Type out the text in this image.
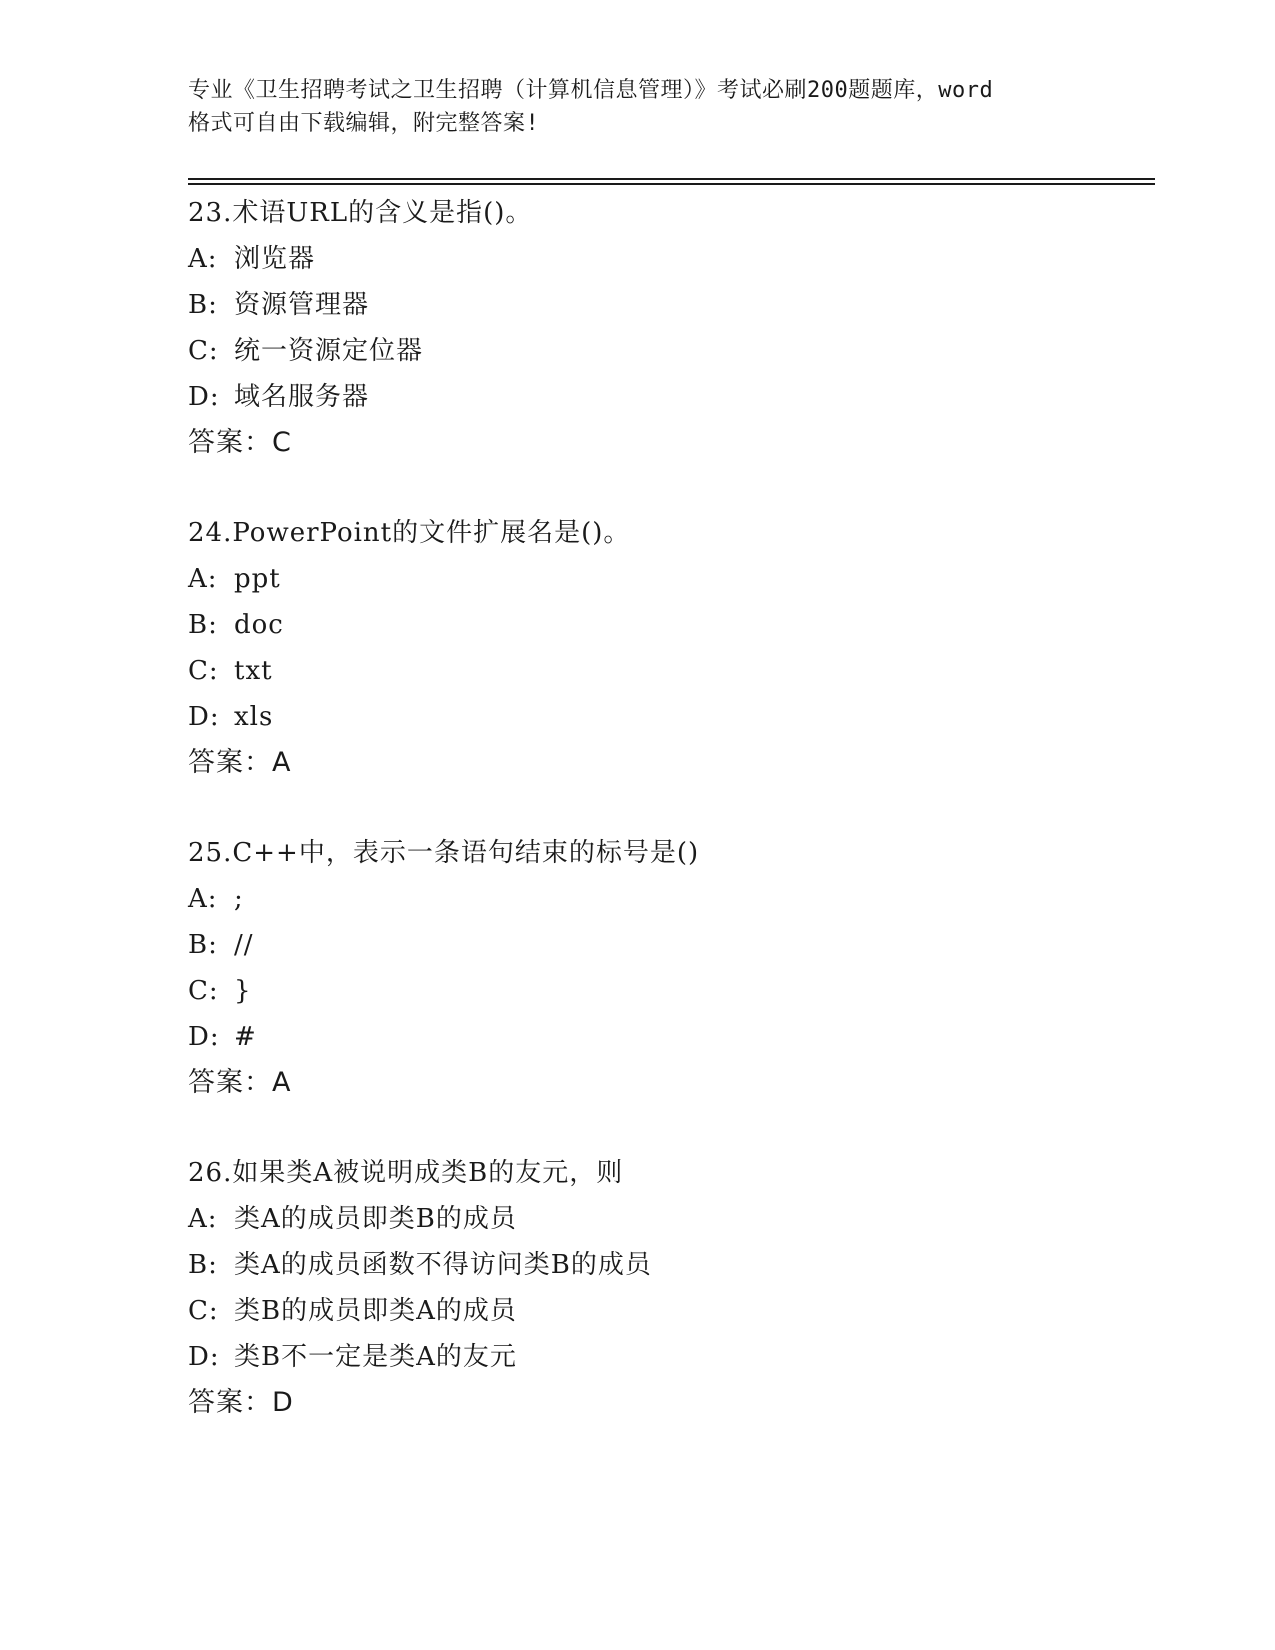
专业《卫生招聘考试之卫生招聘（计算机信息管理）》考试必刷200题题库，word
格式可自由下载编辑，附完整答案!
23.术语URL的含义是指()。
A: 浏览器
B: 资源管理器
C: 统一资源定位器
D: 域名服务器
答案：C
24.PowerPoint的文件扩展名是()。
A: ppt
B: doc
C: txt
D: xls
答案：A
25.C++中，表示一条语句结束的标号是()
A: ;
B: //
C: }
D: #
答案：A
26.如果类A被说明成类B的友元，则
A: 类A的成员即类B的成员
B: 类A的成员函数不得访问类B的成员
C: 类B的成员即类A的成员
D: 类B不一定是类A的友元
答案：D
